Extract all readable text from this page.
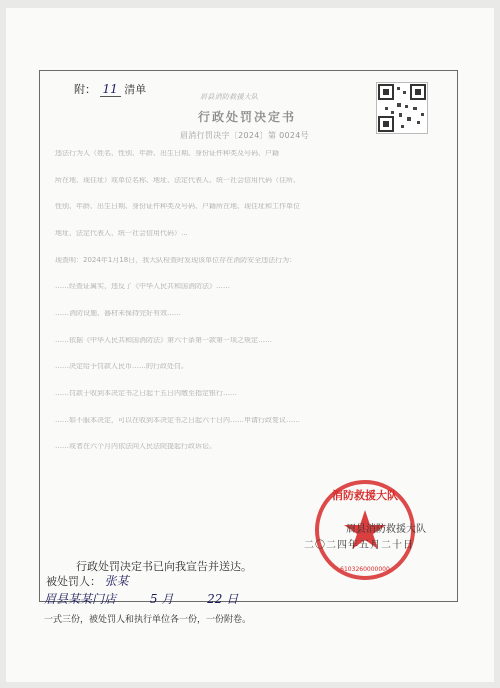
附： 11 清单
眉县消防救援大队
行政处罚决定书
眉消行罚决字〔2024〕第 0024号
违法行为人（姓名、性别、年龄、出生日期、身份证件种类及号码、户籍
所在地、现住址）或单位名称、地址、法定代表人、统一社会信用代码（住所、
性别、年龄、出生日期、身份证件种类及号码、户籍所在地、现住址和工作单位
地址、法定代表人、统一社会信用代码）...
现查明：2024年1月18日，我大队检查时发现该单位存在消防安全违法行为：
……经查证属实，违反了《中华人民共和国消防法》……
……消防设施、器材未保持完好有效……
……依据《中华人民共和国消防法》第六十条第一款第一项之规定……
……决定给予罚款人民币……的行政处罚。
……罚款于收到本决定书之日起十五日内缴至指定银行……
……如不服本决定，可以在收到本决定书之日起六十日内……申请行政复议……
……或者在六个月内依法向人民法院提起行政诉讼。
消防救援大队
6103260000000
眉县消防救援大队
二〇二四年五月二十日
行政处罚决定书已向我宣告并送达。
被处罚人： 张某
眉县某某门店	5 月	22 日
一式三份，被处罚人和执行单位各一份，一份附卷。
